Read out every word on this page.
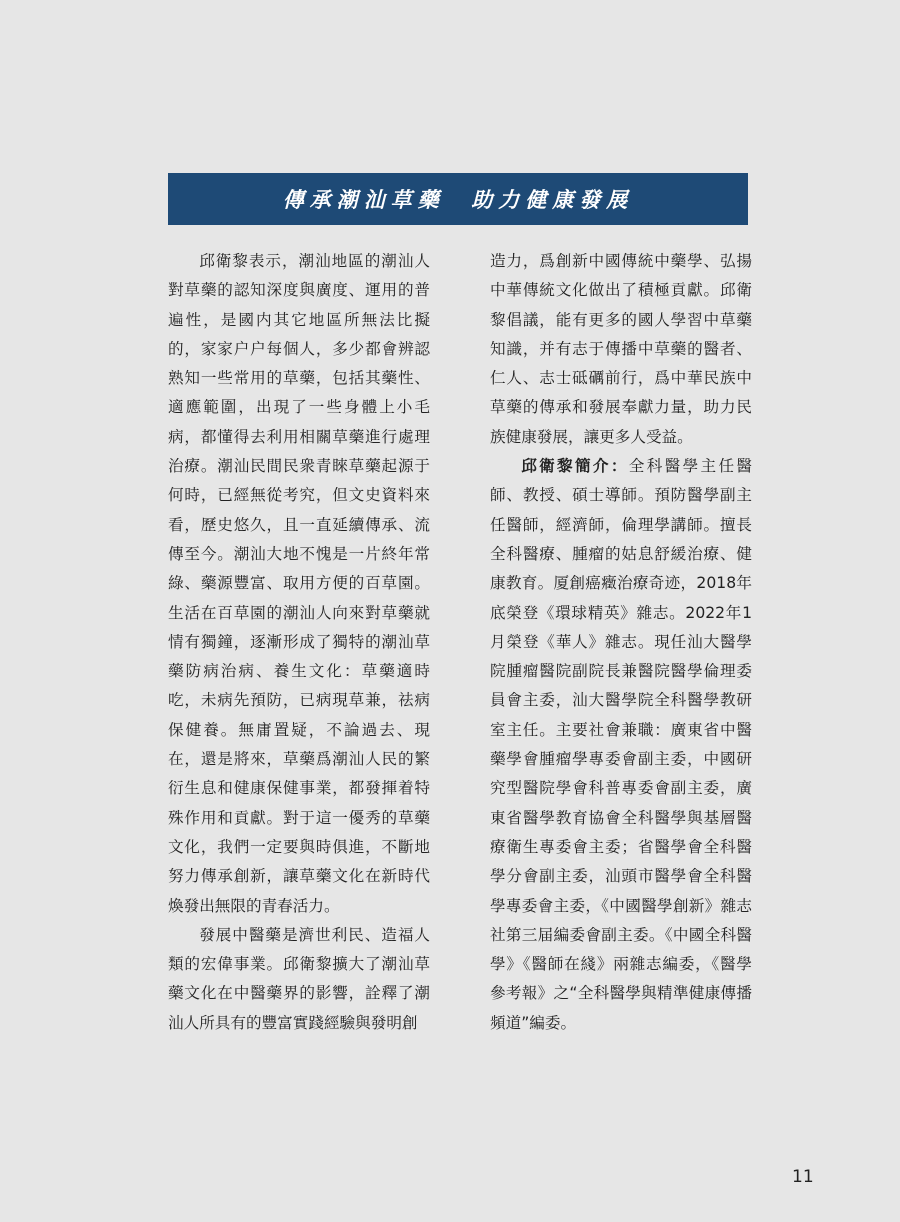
傳承潮汕草藥  助力健康發展

邱衛黎表示，潮汕地區的潮汕人對草藥的認知深度與廣度、運用的普遍性，是國内其它地區所無法比擬的，家家户户每個人，多少都會辨認熟知一些常用的草藥，包括其藥性、適應範圍，出現了一些身體上小毛病，都懂得去利用相關草藥進行處理治療。潮汕民間民衆青睞草藥起源于何時，已經無從考究，但文史資料來看，歷史悠久，且一直延續傳承、流傳至今。潮汕大地不愧是一片終年常綠、藥源豐富、取用方便的百草園。生活在百草園的潮汕人向來對草藥就情有獨鐘，逐漸形成了獨特的潮汕草藥防病治病、養生文化：草藥適時吃，未病先預防，已病現草兼，祛病保健養。無庸置疑，不論過去、現在，還是將來，草藥爲潮汕人民的繁衍生息和健康保健事業，都發揮着特殊作用和貢獻。對于這一優秀的草藥文化，我們一定要與時俱進，不斷地努力傳承創新，讓草藥文化在新時代煥發出無限的青春活力。

發展中醫藥是濟世利民、造福人類的宏偉事業。邱衛黎擴大了潮汕草藥文化在中醫藥界的影響，詮釋了潮汕人所具有的豐富實踐經驗與發明創

造力，爲創新中國傳統中藥學、弘揚中華傳統文化做出了積極貢獻。邱衛黎倡議，能有更多的國人學習中草藥知識，并有志于傳播中草藥的醫者、仁人、志士砥礪前行，爲中華民族中草藥的傳承和發展奉獻力量，助力民族健康發展，讓更多人受益。

邱衛黎簡介：全科醫學主任醫師、教授、碩士導師。預防醫學副主任醫師，經濟師，倫理學講師。擅長全科醫療、腫瘤的姑息舒緩治療、健康教育。厦創癌癥治療奇迹，2018年底榮登《環球精英》雜志。2022年1月榮登《華人》雜志。現任汕大醫學院腫瘤醫院副院長兼醫院醫學倫理委員會主委，汕大醫學院全科醫學教研室主任。主要社會兼職：廣東省中醫藥學會腫瘤學專委會副主委，中國研究型醫院學會科普專委會副主委，廣東省醫學教育協會全科醫學與基層醫療衛生專委會主委；省醫學會全科醫學分會副主委，汕頭市醫學會全科醫學專委會主委，《中國醫學創新》雜志社第三届編委會副主委。《中國全科醫學》《醫師在綫》兩雜志編委，《醫學參考報》之“全科醫學與精準健康傳播頻道”編委。

11
